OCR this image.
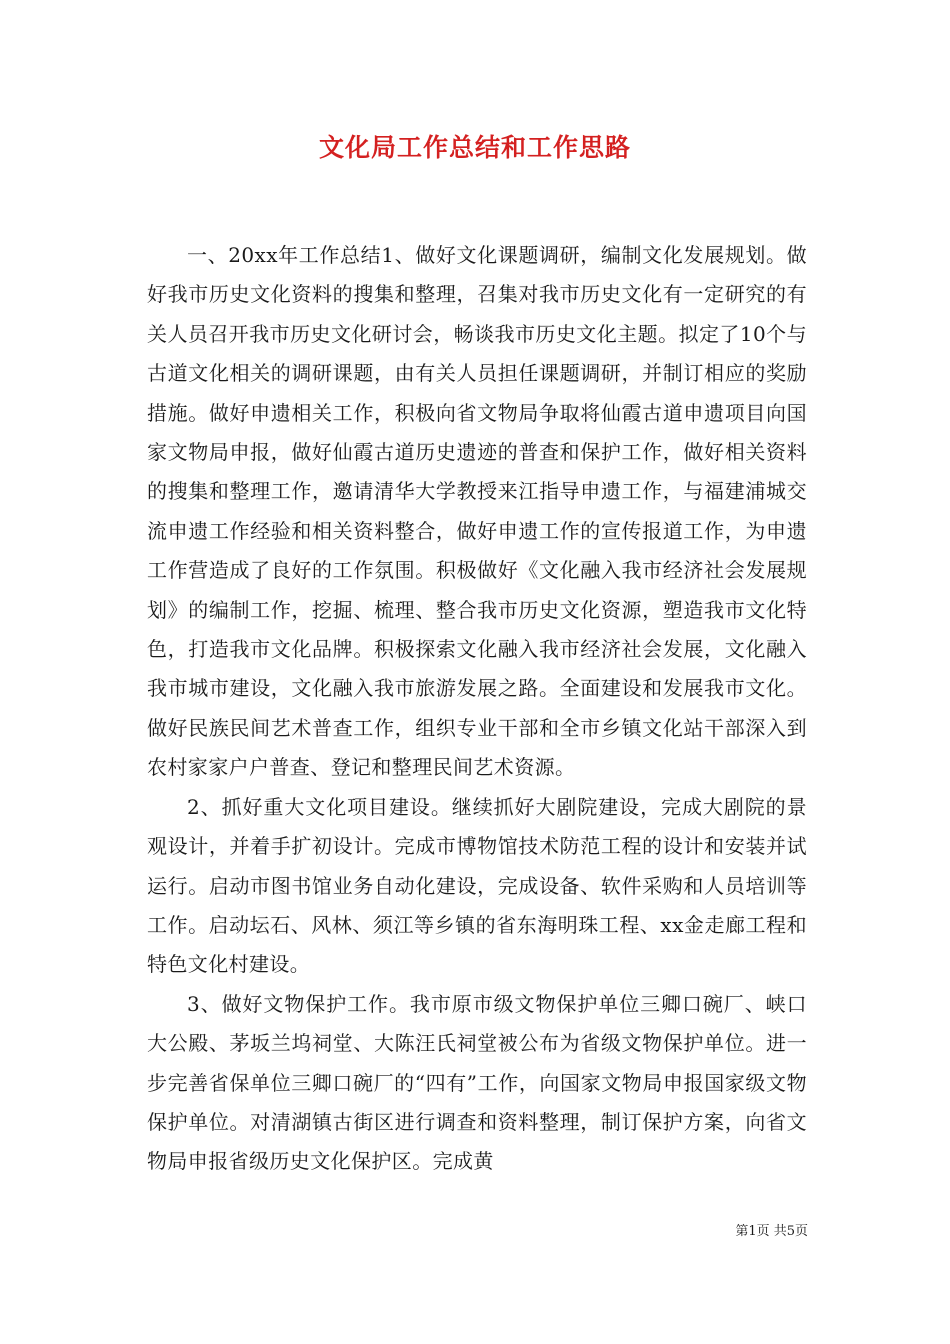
文化局工作总结和工作思路

一、20xx年工作总结1、做好文化课题调研，编制文化发展规划。做好我市历史文化资料的搜集和整理，召集对我市历史文化有一定研究的有关人员召开我市历史文化研讨会，畅谈我市历史文化主题。拟定了10个与古道文化相关的调研课题，由有关人员担任课题调研，并制订相应的奖励措施。做好申遗相关工作，积极向省文物局争取将仙霞古道申遗项目向国家文物局申报，做好仙霞古道历史遗迹的普查和保护工作，做好相关资料的搜集和整理工作，邀请清华大学教授来江指导申遗工作，与福建浦城交流申遗工作经验和相关资料整合，做好申遗工作的宣传报道工作，为申遗工作营造成了良好的工作氛围。积极做好《文化融入我市经济社会发展规划》的编制工作，挖掘、梳理、整合我市历史文化资源，塑造我市文化特色，打造我市文化品牌。积极探索文化融入我市经济社会发展，文化融入我市城市建设，文化融入我市旅游发展之路。全面建设和发展我市文化。做好民族民间艺术普查工作，组织专业干部和全市乡镇文化站干部深入到农村家家户户普查、登记和整理民间艺术资源。

2、抓好重大文化项目建设。继续抓好大剧院建设，完成大剧院的景观设计，并着手扩初设计。完成市博物馆技术防范工程的设计和安装并试运行。启动市图书馆业务自动化建设，完成设备、软件采购和人员培训等工作。启动坛石、风林、须江等乡镇的省东海明珠工程、xx金走廊工程和特色文化村建设。

3、做好文物保护工作。我市原市级文物保护单位三卿口碗厂、峡口大公殿、茅坂兰坞祠堂、大陈汪氏祠堂被公布为省级文物保护单位。进一步完善省保单位三卿口碗厂的“四有”工作，向国家文物局申报国家级文物保护单位。对清湖镇古街区进行调查和资料整理，制订保护方案，向省文物局申报省级历史文化保护区。完成黄

第1页 共5页
